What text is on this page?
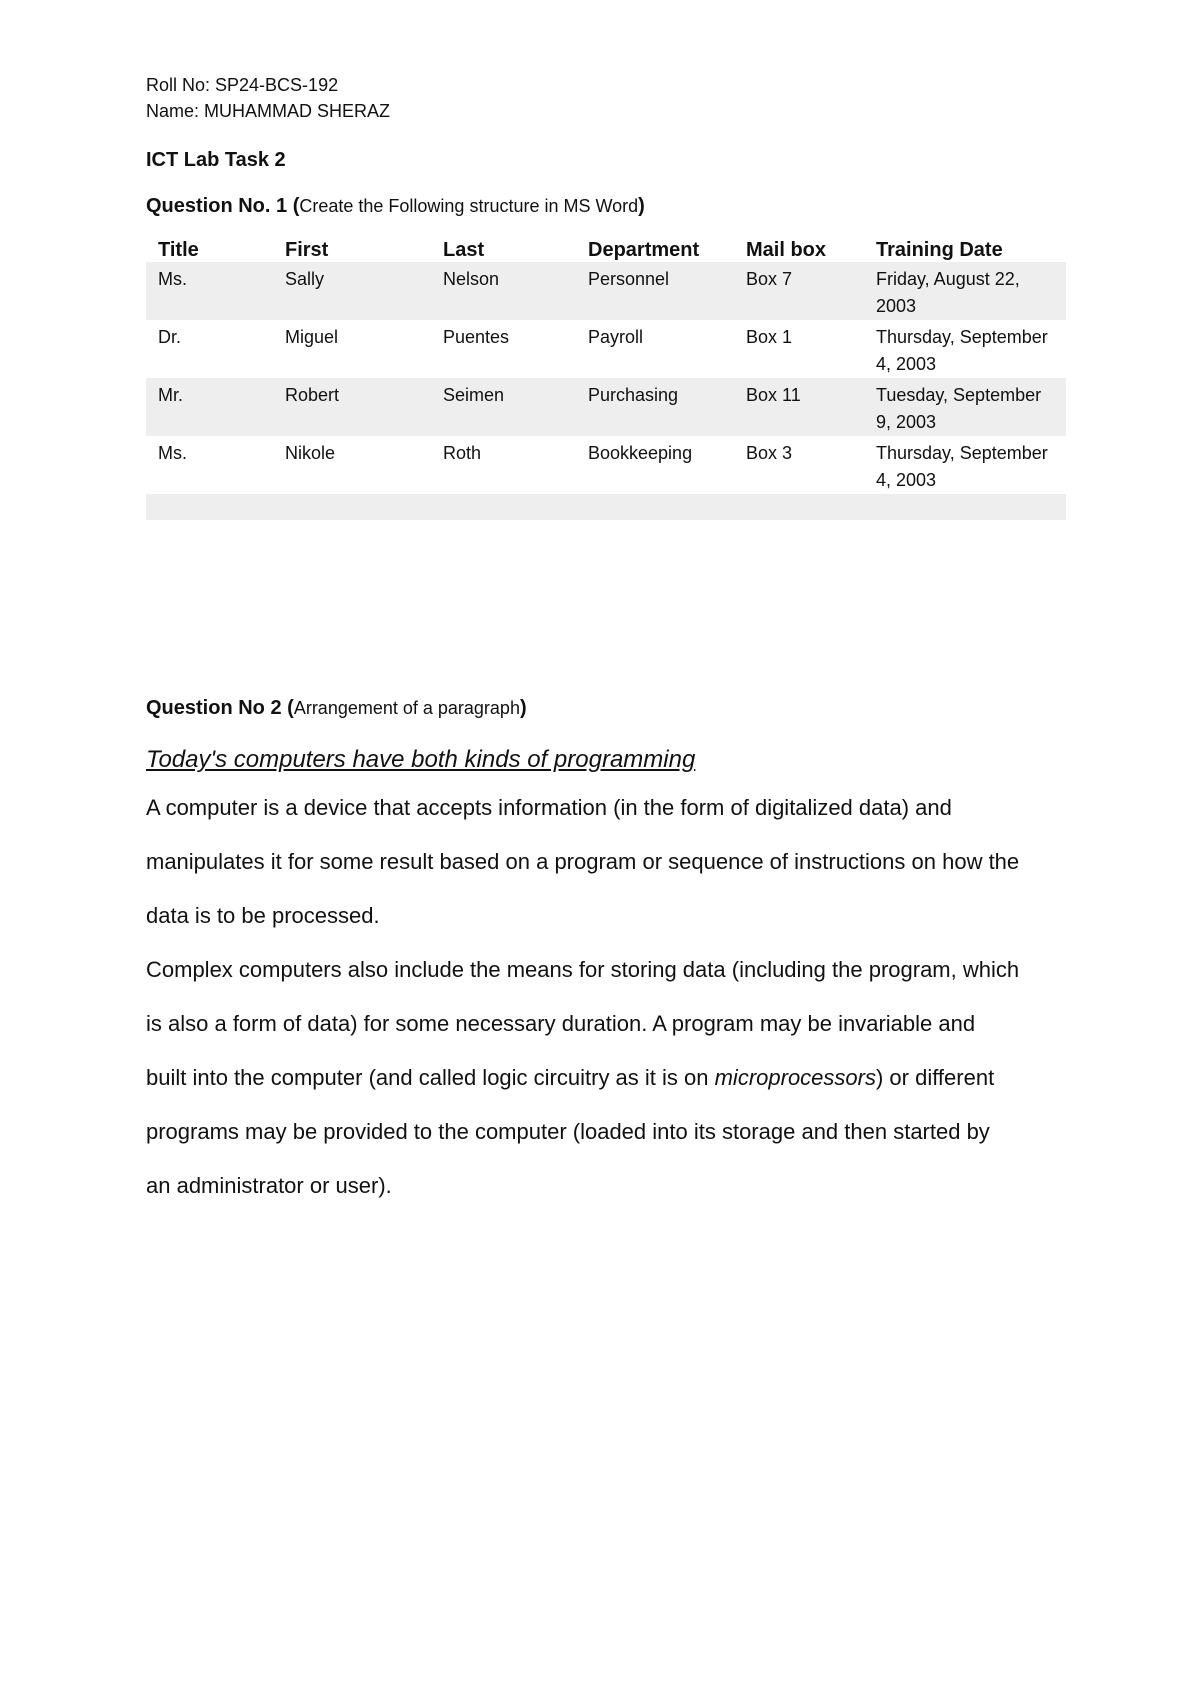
Roll No: SP24-BCS-192

Name: MUHAMMAD SHERAZ

ICT Lab Task 2

Question No. 1 (Create the Following structure in MS Word)

Title	First	Last	Department	Mail box	Training Date
Ms.	Sally	Nelson	Personnel	Box 7	Friday, August 22, 2003
Dr.	Miguel	Puentes	Payroll	Box 1	Thursday, September 4, 2003
Mr.	Robert	Seimen	Purchasing	Box 11	Tuesday, September 9, 2003
Ms.	Nikole	Roth	Bookkeeping	Box 3	Thursday, September 4, 2003

Question No 2 (Arrangement of a paragraph)

Today's computers have both kinds of programming

A computer is a device that accepts information (in the form of digitalized data) and

manipulates it for some result based on a program or sequence of instructions on how the

data is to be processed.

Complex computers also include the means for storing data (including the program, which

is also a form of data) for some necessary duration. A program may be invariable and

built into the computer (and called logic circuitry as it is on microprocessors) or different

programs may be provided to the computer (loaded into its storage and then started by

an administrator or user).
